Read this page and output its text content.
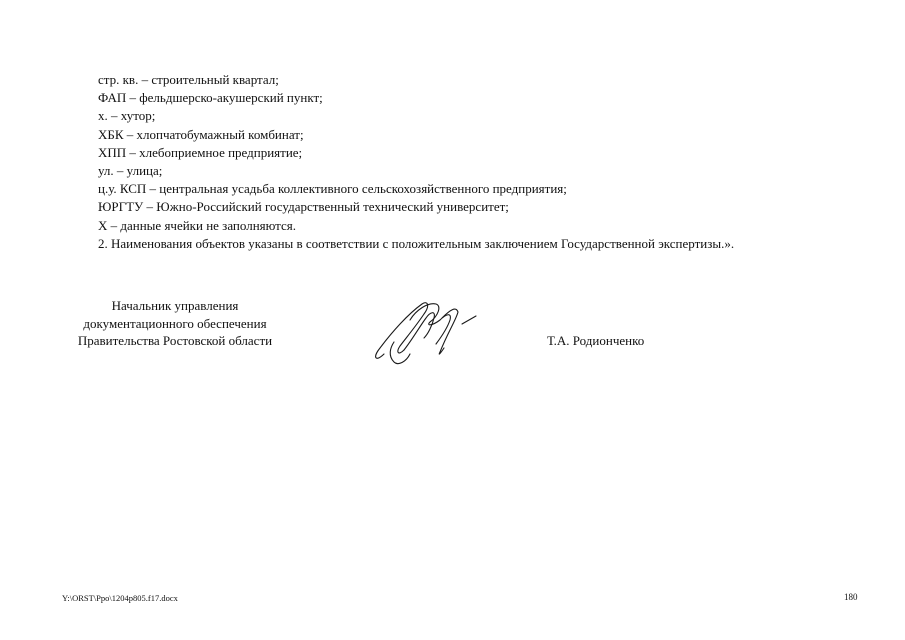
стр. кв. – строительный квартал;
ФАП – фельдшерско-акушерский пункт;
х. – хутор;
ХБК – хлопчатобумажный комбинат;
ХПП – хлебоприемное предприятие;
ул. – улица;
ц.у. КСП – центральная усадьба коллективного сельскохозяйственного предприятия;
ЮРГТУ – Южно-Российский государственный технический университет;
Х – данные ячейки не заполняются.
2. Наименования объектов указаны в соответствии с положительным заключением Государственной экспертизы.».
Начальник управления
документационного обеспечения
Правительства Ростовской области	Т.А. Родионченко
Y:\ORST\Ppo\1204p805.f17.docx	180
